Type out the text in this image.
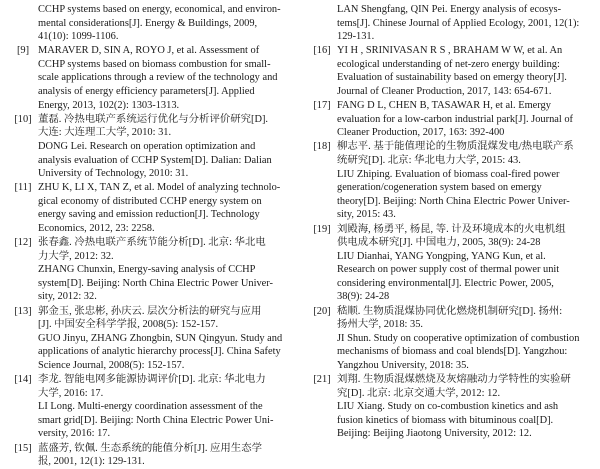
CCHP systems based on energy, economical, and environ-
mental considerations[J]. Energy & Buildings, 2009,
41(10): 1099-1106.
[9] MARAVER D, SIN A, ROYO J, et al. Assessment of
CCHP systems based on biomass combustion for small-
scale applications through a review of the technology and
analysis of energy efficiency parameters[J]. Applied
Energy, 2013, 102(2): 1303-1313.
[10] 董磊. 冷热电联产系统运行优化与分析评价研究[D].
大连: 大连理工大学, 2010: 31.
DONG Lei. Research on operation optimization and
analysis evaluation of CCHP System[D]. Dalian: Dalian
University of Technology, 2010: 31.
[11] ZHU K, LI X, TAN Z, et al. Model of analyzing technolo-
gical economy of distributed CCHP energy system on
energy saving and emission reduction[J]. Technology
Economics, 2012, 23: 2258.
[12] 张春鑫. 冷热电联产系统节能分析[D]. 北京: 华北电
力大学, 2012: 32.
ZHANG Chunxin, Energy-saving analysis of CCHP
system[D]. Beijing: North China Electric Power Univer-
sity, 2012: 32.
[13] 郭金玉, 张忠彬, 孙庆云. 层次分析法的研究与应用
[J]. 中国安全科学学报, 2008(5): 152-157.
GUO Jinyu, ZHANG Zhongbin, SUN Qingyun. Study and
applications of analytic hierarchy process[J]. China Safety
Science Journal, 2008(5): 152-157.
[14] 李龙. 智能电网多能源协调评价[D]. 北京: 华北电力
大学, 2016: 17.
LI Long. Multi-energy coordination assessment of the
smart grid[D]. Beijing: North China Electric Power Uni-
versity, 2016: 17.
[15] 蓝盛芳, 钦佩. 生态系统的能值分析[J]. 应用生态学
报, 2001, 12(1): 129-131.
LAN Shengfang, QIN Pei. Energy analysis of ecosys-
tems[J]. Chinese Journal of Applied Ecology, 2001, 12(1):
129-131.
[16] YI H , SRINIVASAN R S , BRAHAM W W, et al. An
ecological understanding of net-zero energy building:
Evaluation of sustainability based on emergy theory[J].
Journal of Cleaner Production, 2017, 143: 654-671.
[17] FANG D L, CHEN B, TASAWAR H, et al. Emergy
evaluation for a low-carbon industrial park[J]. Journal of
Cleaner Production, 2017, 163: 392-400
[18] 柳志平. 基于能值理论的生物质混煤发电/热电联产系
统研究[D]. 北京: 华北电力大学, 2015: 43.
LIU Zhiping. Evaluation of biomass coal-fired power
generation/cogeneration system based on emergy
theory[D]. Beijing: North China Electric Power Univer-
sity, 2015: 43.
[19] 刘殿海, 杨勇平, 杨昆, 等. 计及环境成本的火电机组
供电成本研究[J]. 中国电力, 2005, 38(9): 24-28
LIU Dianhai, YANG Yongping, YANG Kun, et al.
Research on power supply cost of thermal power unit
considering environmental[J]. Electric Power, 2005,
38(9): 24-28
[20] 嵇顺. 生物质混煤协同优化燃烧机制研究[D]. 扬州:
扬州大学, 2018: 35.
JI Shun. Study on cooperative optimization of combustion
mechanisms of biomass and coal blends[D]. Yangzhou:
Yangzhou University, 2018: 35.
[21] 刘翔. 生物质混煤燃烧及灰熔融动力学特性的实验研
究[D]. 北京: 北京交通大学, 2012: 12.
LIU Xiang. Study on co-combustion kinetics and ash
fusion kinetics of biomass with bituminous coal[D].
Beijing: Beijing Jiaotong University, 2012: 12.
